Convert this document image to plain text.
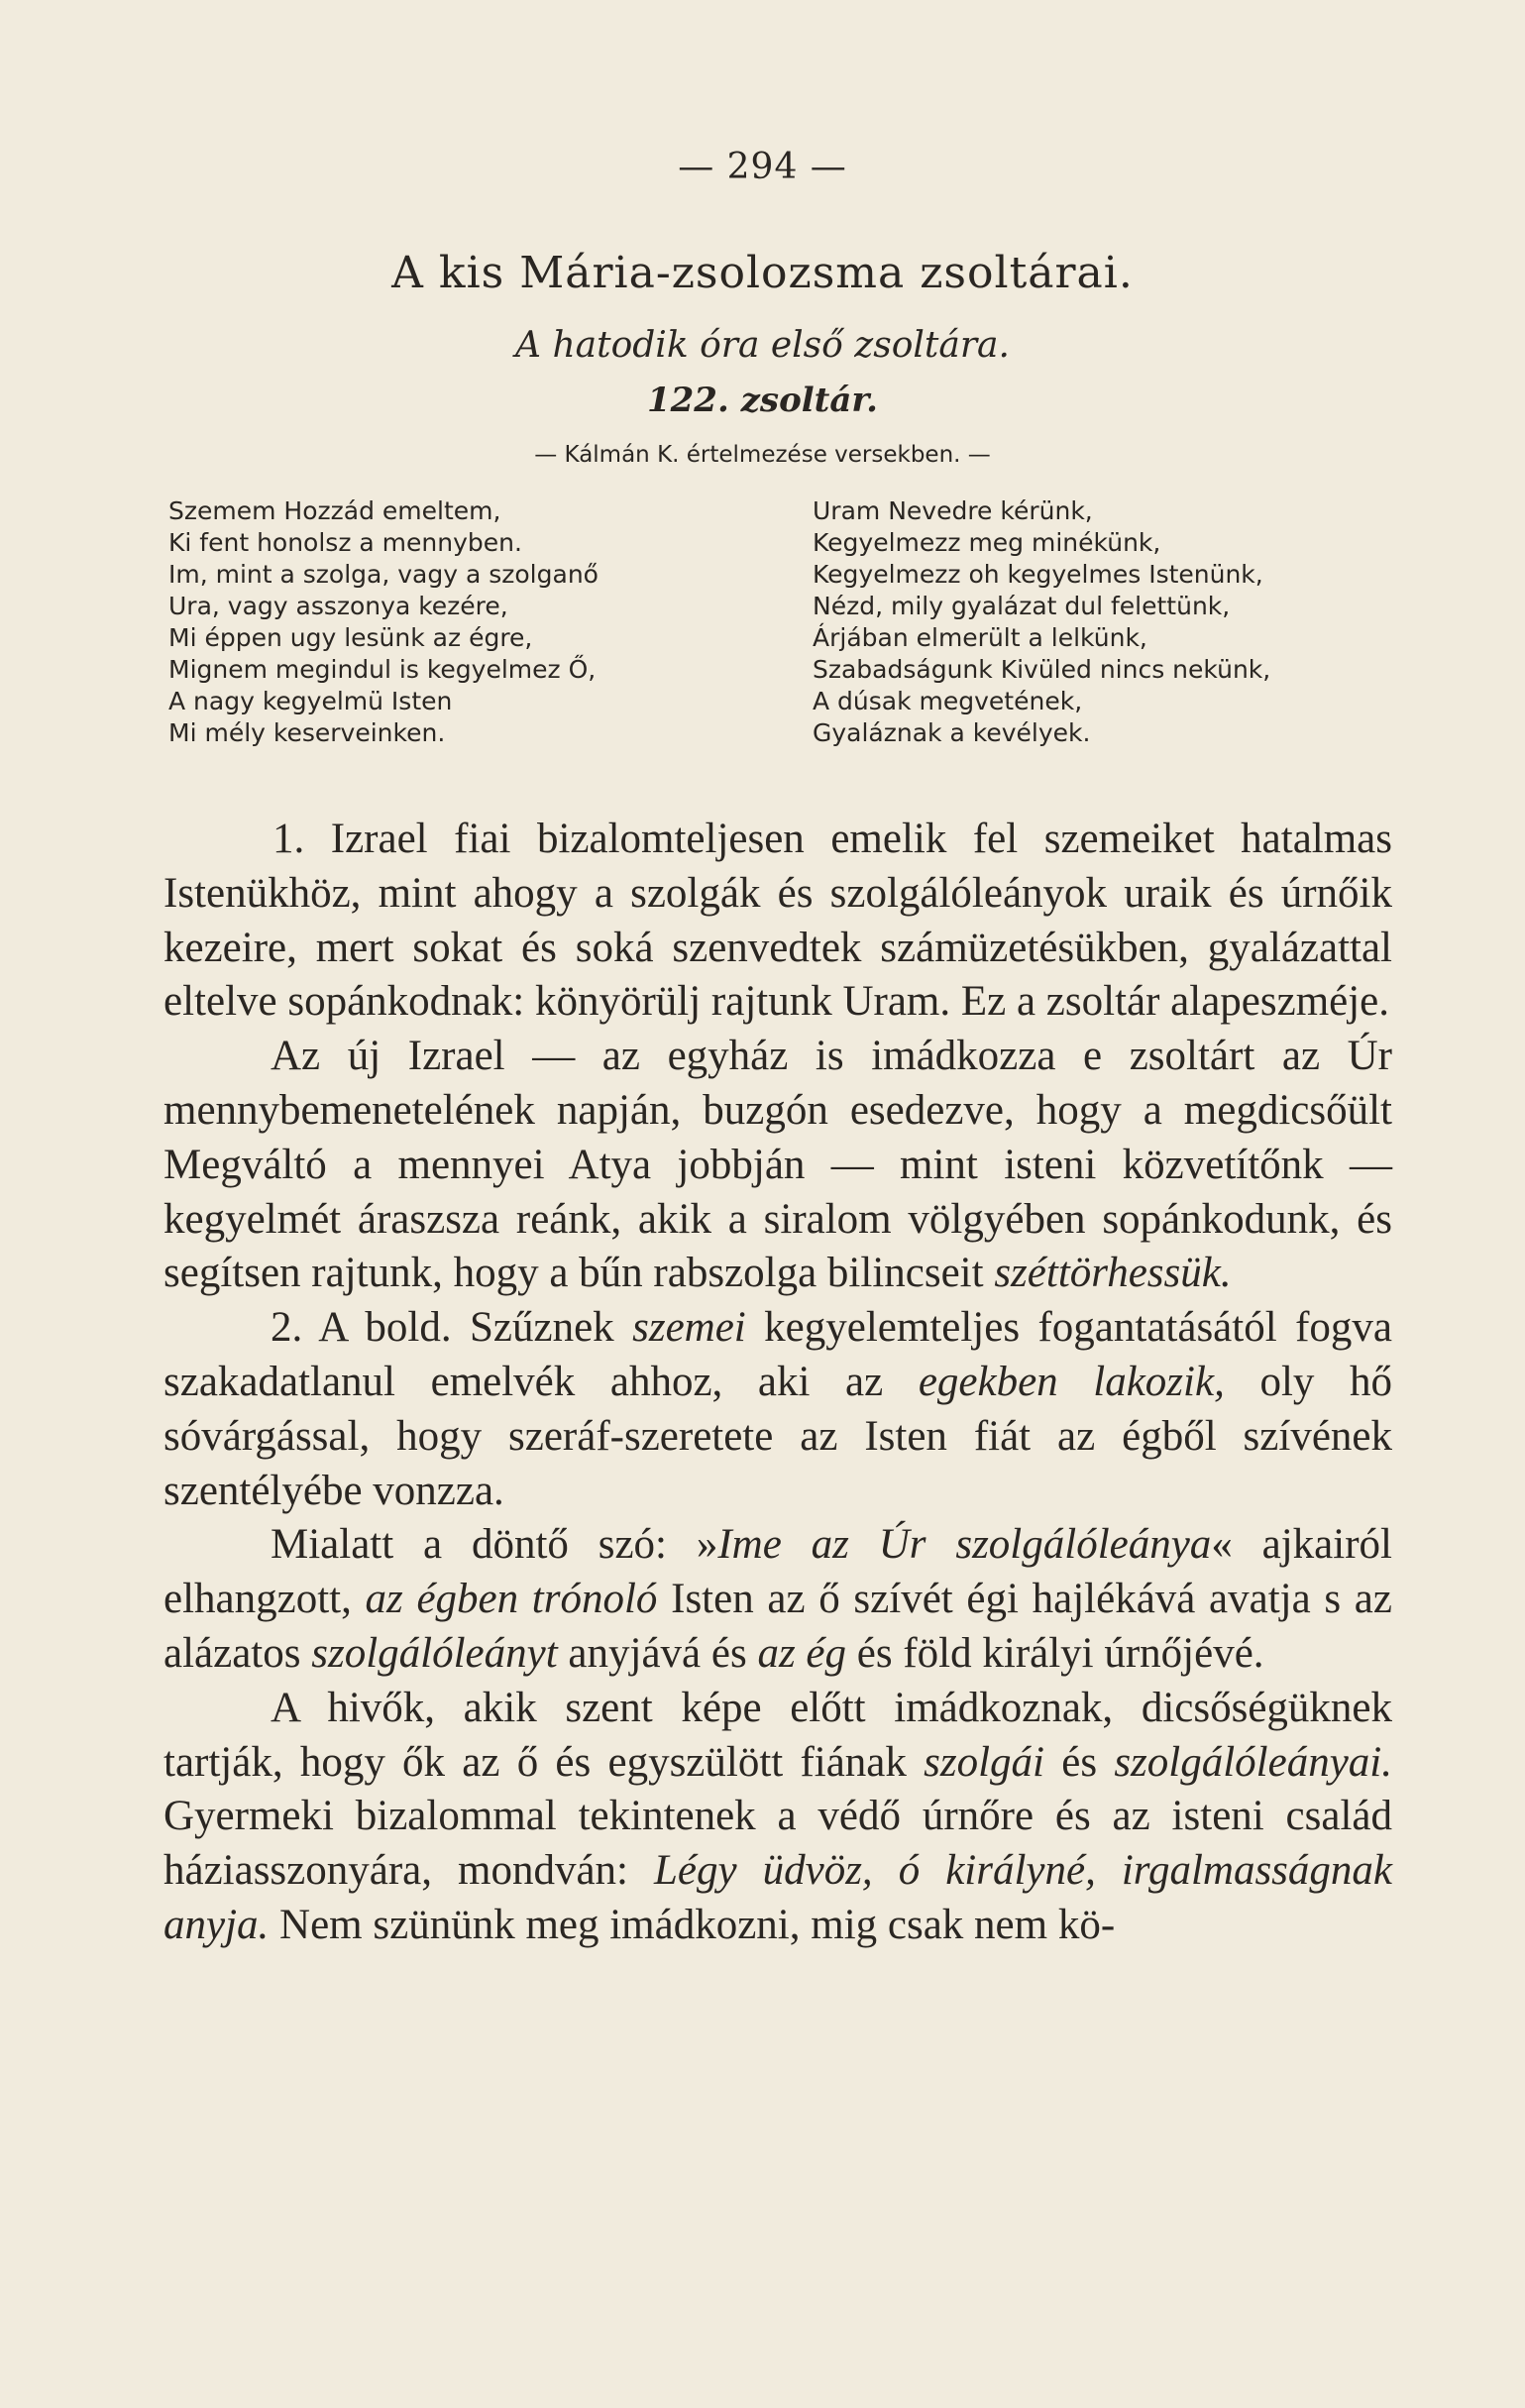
— 294 —
A kis Mária-zsolozsma zsoltárai.
A hatodik óra első zsoltára.
122. zsoltár.
— Kálmán K. értelmezése versekben. —
Szemem Hozzád emeltem,
Ki fent honolsz a mennyben.
Im, mint a szolga, vagy a szolganő
Ura, vagy asszonya kezére,
Mi éppen ugy lesünk az égre,
Mignem megindul is kegyelmez Ő,
A nagy kegyelmü Isten
Mi mély keserveinken.
Uram Nevedre kérünk,
Kegyelmezz meg minékünk,
Kegyelmezz oh kegyelmes Istenünk,
Nézd, mily gyalázat dul felettünk,
Árjában elmerült a lelkünk,
Szabadságunk Kivüled nincs nekünk,
A dúsak megvetének,
Gyaláznak a kevélyek.

1. Izrael fiai bizalomteljesen emelik fel szemeiket hatalmas Istenükhöz, mint ahogy a szolgák és szolgálóleányok uraik és úrnőik kezeire, mert sokat és soká szenvedtek számüzetésükben, gyalázattal eltelve sopánkodnak: könyörülj rajtunk Uram. Ez a zsoltár alapeszméje.

Az új Izrael — az egyház is imádkozza e zsoltárt az Úr mennybemenetelének napján, buzgón esedezve, hogy a megdicsőült Megváltó a mennyei Atya jobbján — mint isteni közvetítőnk — kegyelmét áraszsza reánk, akik a siralom völgyében sopánkodunk, és segítsen rajtunk, hogy a bűn rabszolga bilincseit széttörhessük.

2. A bold. Szűznek szemei kegyelemteljes fogantatásától fogva szakadatlanul emelvék ahhoz, aki az egekben lakozik, oly hő sóvárgással, hogy szeráf-szeretete az Isten fiát az égből szívének szentélyébe vonzza.

Mialatt a döntő szó: »Ime az Úr szolgálóleánya« ajkairól elhangzott, az égben trónoló Isten az ő szívét égi hajlékává avatja s az alázatos szolgálóleányt anyjává és az ég és föld királyi úrnőjévé.

A hivők, akik szent képe előtt imádkoznak, dicsőségüknek tartják, hogy ők az ő és egyszülött fiának szolgái és szolgálóleányai. Gyermeki bizalommal tekintenek a védő úrnőre és az isteni család háziasszonyára, mondván: Légy üdvöz, ó királyné, irgalmasságnak anyja. Nem szününk meg imádkozni, mig csak nem kö-
